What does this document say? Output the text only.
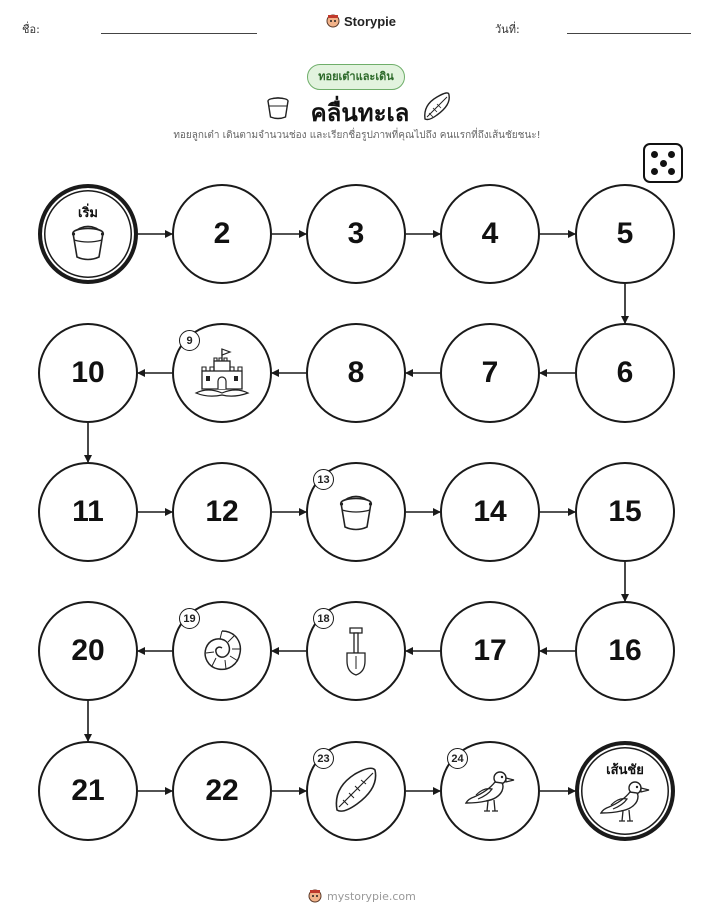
ชื่อ:
Storypie
วันที่:
ทอยเต๋าและเดิน
คลื่นทะเล
ทอยลูกเต๋า เดินตามจำนวนช่อง และเรียกชื่อรูปภาพที่คุณไปถึง คนแรกที่ถึงเส้นชัยชนะ!
เริ่ม
2	3	4	5
6
7
8
9
10
11	12
13
14	15
16
17
18
19
20
21	22
23	24
เส้นชัย
mystorypie.com
